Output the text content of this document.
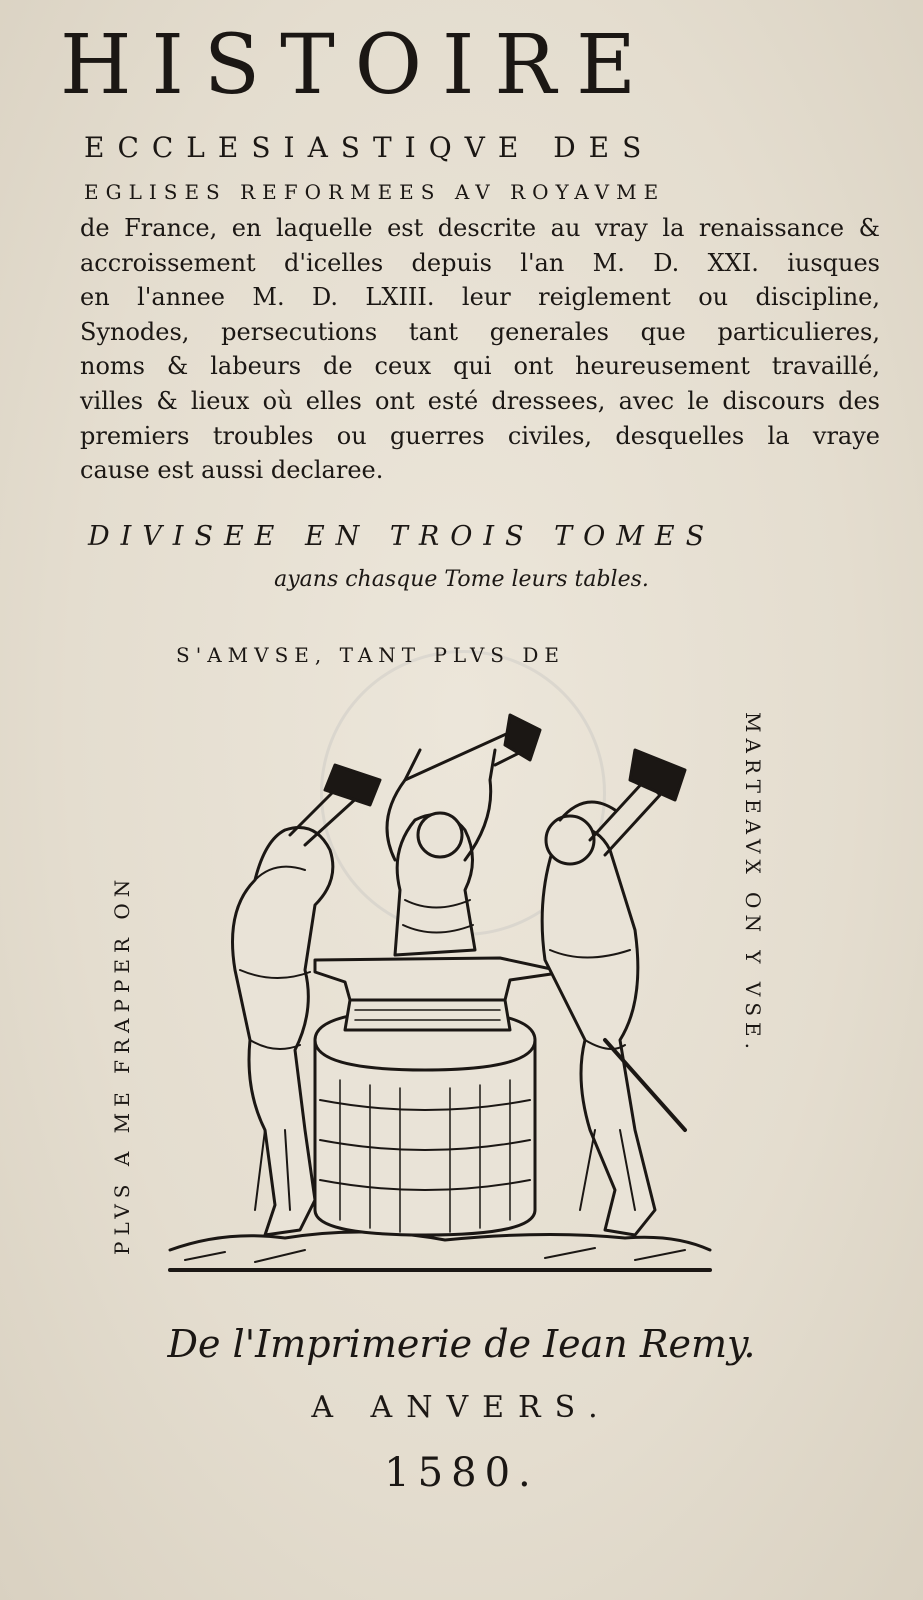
HISTOIRE

ECCLESIASTIQVE DES

EGLISES REFORMEES AV ROYAVME

de France, en laquelle est descrite au vray la renaissance &
accroissement d'icelles depuis l'an M. D. XXI. iusques
en l'annee M. D. LXIII. leur reiglement ou discipline,
Synodes, persecutions tant generales que particulieres,
noms & labeurs de ceux qui ont heureusement travaillé,
villes & lieux où elles ont esté dressees, avec le discours des
premiers troubles ou guerres civiles, desquelles la vraye
cause est aussi declaree.

DIVISEE EN TROIS TOMES

ayans chasque Tome leurs tables.

S'AMVSE, TANT PLVS DE

PLVS A ME FRAPPER ON	MARTEAVX ON Y VSE.

De l'Imprimerie de Iean Remy.

A ANVERS.

1580.
